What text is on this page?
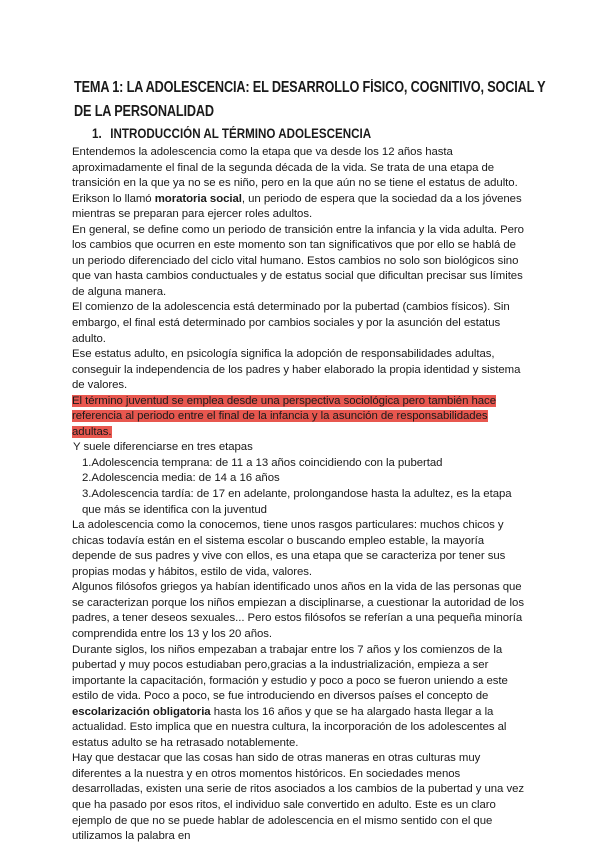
TEMA 1: LA ADOLESCENCIA: EL DESARROLLO FÍSICO, COGNITIVO, SOCIAL Y DE LA PERSONALIDAD
1. INTRODUCCIÓN AL TÉRMINO ADOLESCENCIA

Entendemos la adolescencia como la etapa que va desde los 12 años hasta aproximadamente el final de la segunda década de la vida. Se trata de una etapa de transición en la que ya no se es niño, pero en la que aún no se tiene el estatus de adulto. Erikson lo llamó moratoria social, un periodo de espera que la sociedad da a los jóvenes mientras se preparan para ejercer roles adultos.

En general, se define como un periodo de transición entre la infancia y la vida adulta. Pero los cambios que ocurren en este momento son tan significativos que por ello se hablá de un periodo diferenciado del ciclo vital humano. Estos cambios no solo son biológicos sino que van hasta cambios conductuales y de estatus social que dificultan precisar sus límites de alguna manera.

El comienzo de la adolescencia está determinado por la pubertad (cambios físicos). Sin embargo, el final está determinado por cambios sociales y por la asunción del estatus adulto.

Ese estatus adulto, en psicología significa la adopción de responsabilidades adultas, conseguir la independencia de los padres y haber elaborado la propia identidad y sistema de valores.

El término juventud se emplea desde una perspectiva sociológica pero también hace
referencia al periodo entre el final de la infancia y la asunción de responsabilidades adultas.

Y suele diferenciarse en tres etapas

1.Adolescencia temprana: de 11 a 13 años coincidiendo con la pubertad
2.Adolescencia media: de 14 a 16 años
3.Adolescencia tardía: de 17 en adelante, prolongandose hasta la adultez, es la etapa que más se identifica con la juventud

La adolescencia como la conocemos, tiene unos rasgos particulares: muchos chicos y chicas todavía están en el sistema escolar o buscando empleo estable, la mayoría depende de sus padres y vive con ellos, es una etapa que se caracteriza por tener sus propias modas y hábitos, estilo de vida, valores.

Algunos filósofos griegos ya habían identificado unos años en la vida de las personas que se caracterizan porque los niños empiezan a disciplinarse, a cuestionar la autoridad de los padres, a tener deseos sexuales... Pero estos filósofos se referían a una pequeña minoría comprendida entre los 13 y los 20 años.

Durante siglos, los niños empezaban a trabajar entre los 7 años y los comienzos de la pubertad y muy pocos estudiaban pero,gracias a la industrialización, empieza a ser importante la capacitación, formación y estudio y poco a poco se fueron uniendo a este estilo de vida. Poco a poco, se fue introduciendo en diversos países el concepto de escolarización obligatoria hasta los 16 años y que se ha alargado hasta llegar a la actualidad. Esto implica que en nuestra cultura, la incorporación de los adolescentes al estatus adulto se ha retrasado notablemente.

Hay que destacar que las cosas han sido de otras maneras en otras culturas muy diferentes a la nuestra y en otros momentos históricos. En sociedades menos desarrolladas, existen una serie de ritos asociados a los cambios de la pubertad y una vez que ha pasado por esos ritos, el individuo sale convertido en adulto. Este es un claro ejemplo de que no se puede hablar de adolescencia en el mismo sentido con el que utilizamos la palabra en
